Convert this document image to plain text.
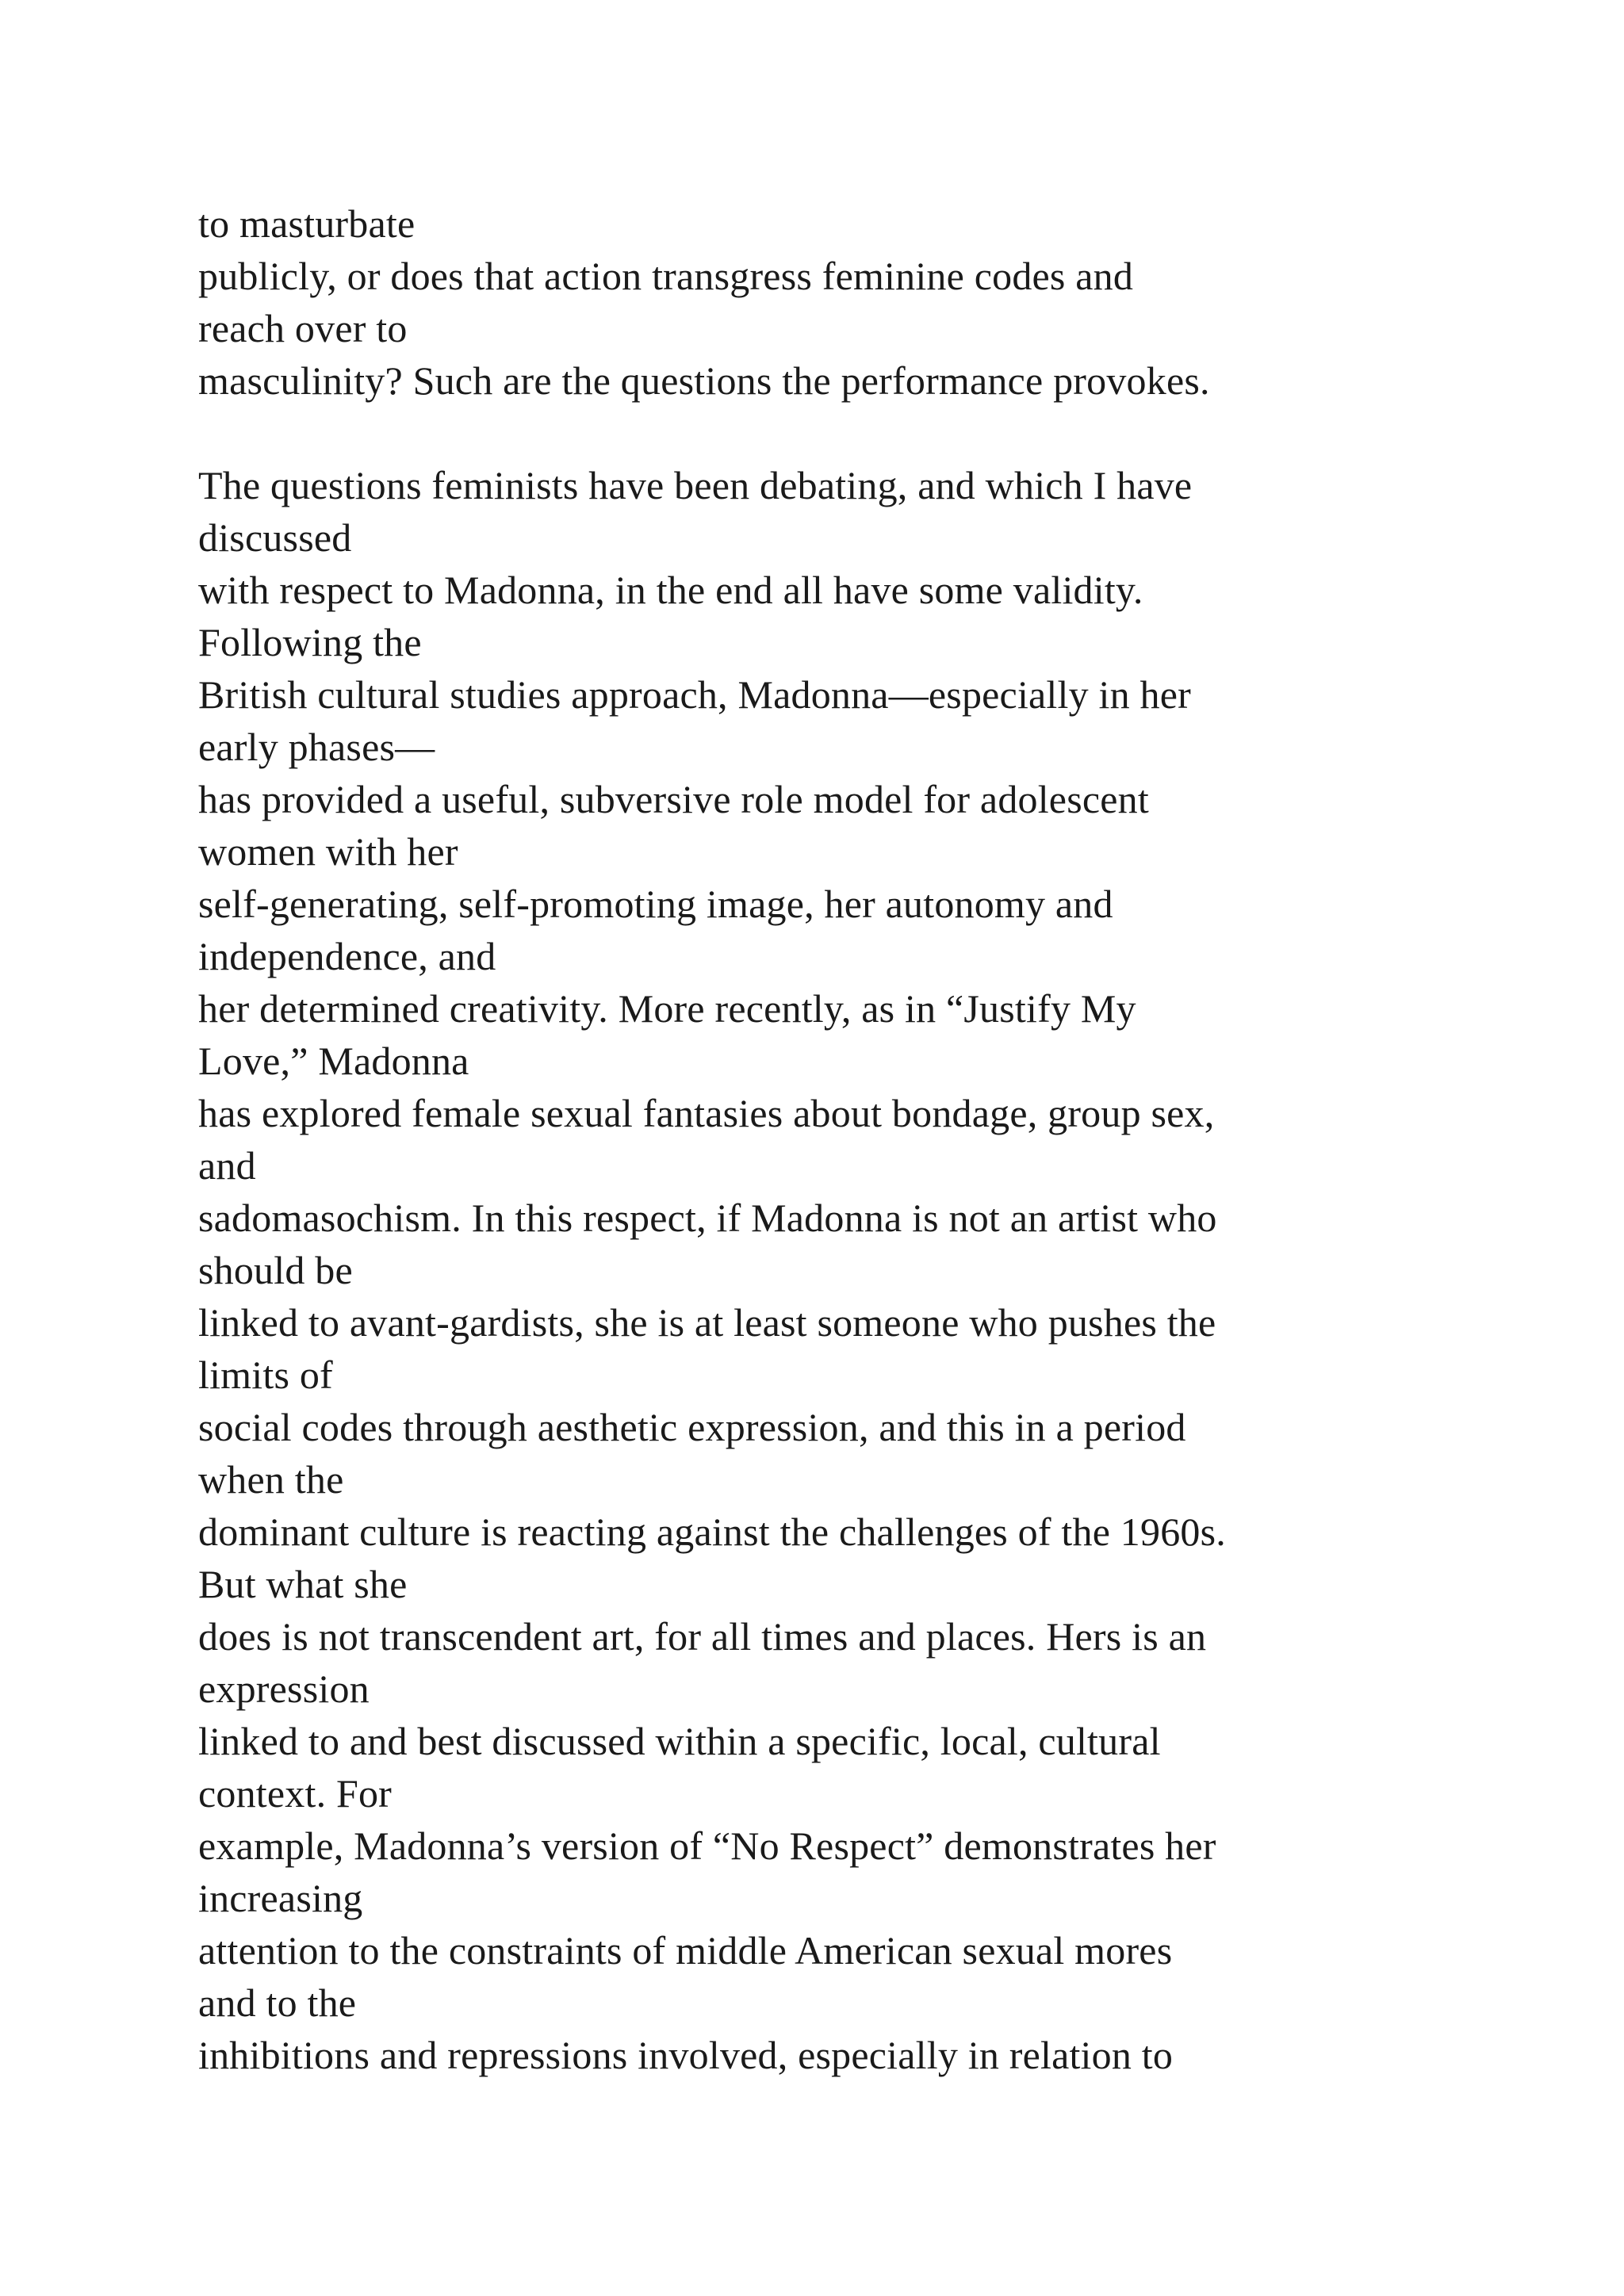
to masturbate
publicly, or does that action transgress feminine codes and
reach over to
masculinity? Such are the questions the performance provokes.
The questions feminists have been debating, and which I have
discussed
with respect to Madonna, in the end all have some validity.
Following the
British cultural studies approach, Madonna—especially in her
early phases—
has provided a useful, subversive role model for adolescent
women with her
self-generating, self-promoting image, her autonomy and
independence, and
her determined creativity. More recently, as in “Justify My
Love,” Madonna
has explored female sexual fantasies about bondage, group sex,
and
sadomasochism. In this respect, if Madonna is not an artist who
should be
linked to avant-gardists, she is at least someone who pushes the
limits of
social codes through aesthetic expression, and this in a period
when the
dominant culture is reacting against the challenges of the 1960s.
But what she
does is not transcendent art, for all times and places. Hers is an
expression
linked to and best discussed within a specific, local, cultural
context. For
example, Madonna’s version of “No Respect” demonstrates her
increasing
attention to the constraints of middle American sexual mores
and to the
inhibitions and repressions involved, especially in relation to
